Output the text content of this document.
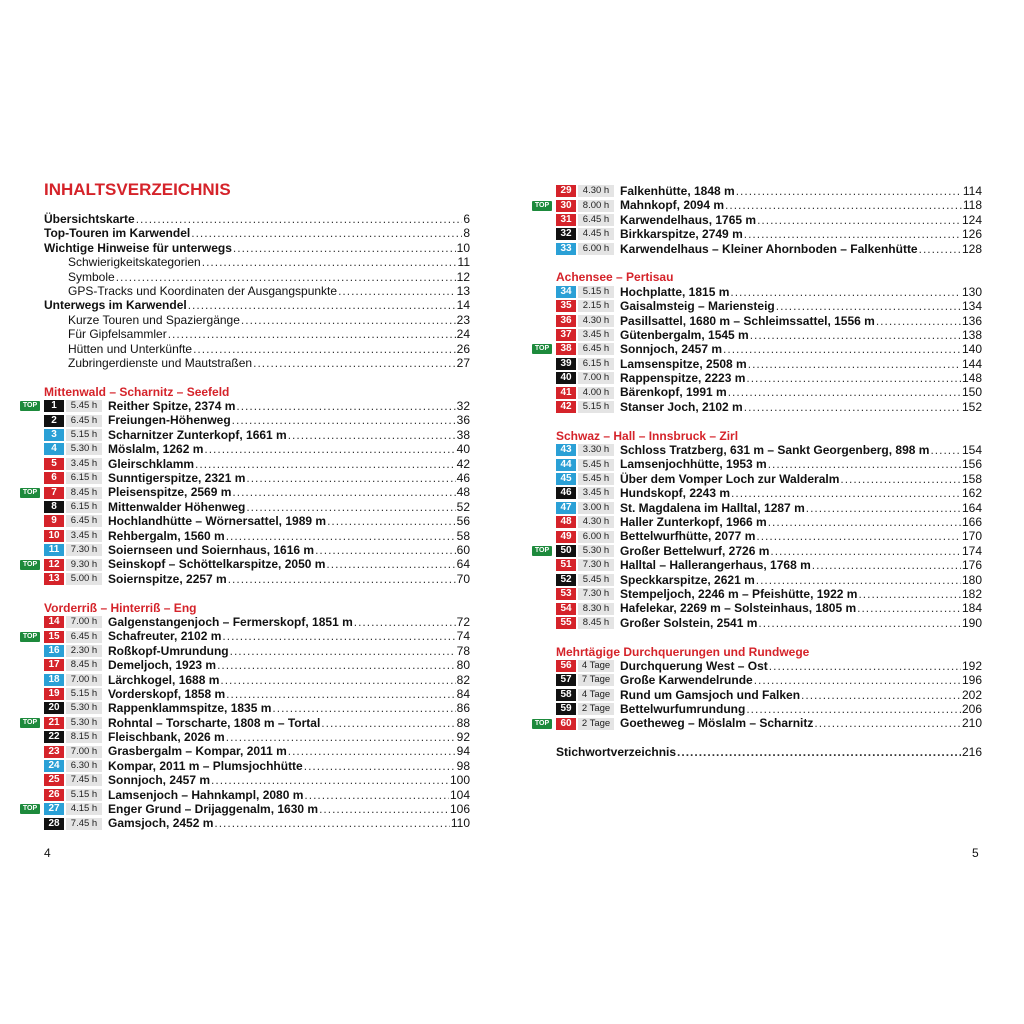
INHALTSVERZEICHNIS
Übersichtskarte .....	6
Top-Touren im Karwendel .....	8
Wichtige Hinweise für unterwegs .....	10
Schwierigkeitskategorien .....	11
Symbole .....	12
GPS-Tracks und Koordinaten der Ausgangspunkte .....	13
Unterwegs im Karwendel .....	14
Kurze Touren und Spaziergänge .....	23
Für Gipfelsammler .....	24
Hütten und Unterkünfte .....	26
Zubringerdienste und Mautstraßen .....	27
Mittenwald – Scharnitz – Seefeld
TOP	1	5.45 h Reither Spitze, 2374 m .....	32
2	6.45 h Freiungen-Höhenweg .....	36
3	5.15 h Scharnitzer Zunterkopf, 1661 m .....	38
4	5.30 h Möslalm, 1262 m .....	40
5	3.45 h Gleirschklamm .....	42
6	6.15 h Sunntigerspitze, 2321 m .....	46
TOP	7	8.45 h Pleisenspitze, 2569 m .....	48
8	6.15 h Mittenwalder Höhenweg .....	52
9	6.45 h Hochlandhütte – Wörnersattel, 1989 m .....	56
10	3.45 h Rehbergalm, 1560 m .....	58
11	7.30 h Soiernseen und Soiernhaus, 1616 m .....	60
TOP	12	9.30 h Seinskopf – Schöttelkarspitze, 2050 m .....	64
13	5.00 h Soiernspitze, 2257 m .....	70
Vorderriß – Hinterriß – Eng
14	7.00 h Galgenstangenjoch – Fermerskopf, 1851 m .....	72
TOP	15	6.45 h Schafreuter, 2102 m .....	74
16	2.30 h Roßkopf-Umrundung .....	78
17	8.45 h Demeljoch, 1923 m .....	80
18	7.00 h Lärchkogel, 1688 m .....	82
19	5.15 h Vorderskopf, 1858 m .....	84
20	5.30 h Rappenklammspitze, 1835 m .....	86
TOP	21	5.30 h Rohntal – Torscharte, 1808 m – Tortal .....	88
22	8.15 h Fleischbank, 2026 m .....	92
23	7.00 h Grasbergalm – Kompar, 2011 m .....	94
24	6.30 h Kompar, 2011 m – Plumsjochhütte .....	98
25	7.45 h Sonnjoch, 2457 m .....	100
26	5.15 h Lamsenjoch – Hahnkampl, 2080 m .....	104
TOP	27	4.15 h Enger Grund – Drijaggenalm, 1630 m .....	106
28	7.45 h Gamsjoch, 2452 m .....	110
29	4.30 h Falkenhütte, 1848 m .....	114
TOP	30	8.00 h Mahnkopf, 2094 m .....	118
31	6.45 h Karwendelhaus, 1765 m .....	124
32	4.45 h Birkkarspitze, 2749 m .....	126
33	6.00 h Karwendelhaus – Kleiner Ahornboden – Falkenhütte .....	128
Achensee – Pertisau
34	5.15 h Hochplatte, 1815 m .....	130
35	2.15 h Gaisalmsteig – Mariensteig .....	134
36	4.30 h Pasillsattel, 1680 m – Schleimssattel, 1556 m .....	136
37	3.45 h Gütenbergalm, 1545 m .....	138
TOP	38	6.45 h Sonnjoch, 2457 m .....	140
39	6.15 h Lamsenspitze, 2508 m .....	144
40	7.00 h Rappenspitze, 2223 m .....	148
41	4.00 h Bärenkopf, 1991 m .....	150
42	5.15 h Stanser Joch, 2102 m .....	152
Schwaz – Hall – Innsbruck – Zirl
43	3.30 h Schloss Tratzberg, 631 m – Sankt Georgenberg, 898 m .....	154
44	5.45 h Lamsenjochhütte, 1953 m .....	156
45	5.45 h Über dem Vomper Loch zur Walderalm .....	158
46	3.45 h Hundskopf, 2243 m .....	162
47	3.00 h St. Magdalena im Halltal, 1287 m .....	164
48	4.30 h Haller Zunterkopf, 1966 m .....	166
49	6.00 h Bettelwurfhütte, 2077 m .....	170
TOP	50	5.30 h Großer Bettelwurf, 2726 m .....	174
51	7.30 h Halltal – Hallerangerhaus, 1768 m .....	176
52	5.45 h Speckkarspitze, 2621 m .....	180
53	7.30 h Stempeljoch, 2246 m – Pfeishütte, 1922 m .....	182
54	8.30 h Hafelekar, 2269 m – Solsteinhaus, 1805 m .....	184
55	8.45 h Großer Solstein, 2541 m .....	190
Mehrtägige Durchquerungen und Rundwege
56	4 Tage Durchquerung West – Ost .....	192
57	7 Tage Große Karwendelrunde .....	196
58	4 Tage Rund um Gamsjoch und Falken .....	202
59	2 Tage Bettelwurfumrundung .....	206
TOP	60	2 Tage Goetheweg – Möslalm – Scharnitz .....	210
Stichwortverzeichnis .....	216
4	5
